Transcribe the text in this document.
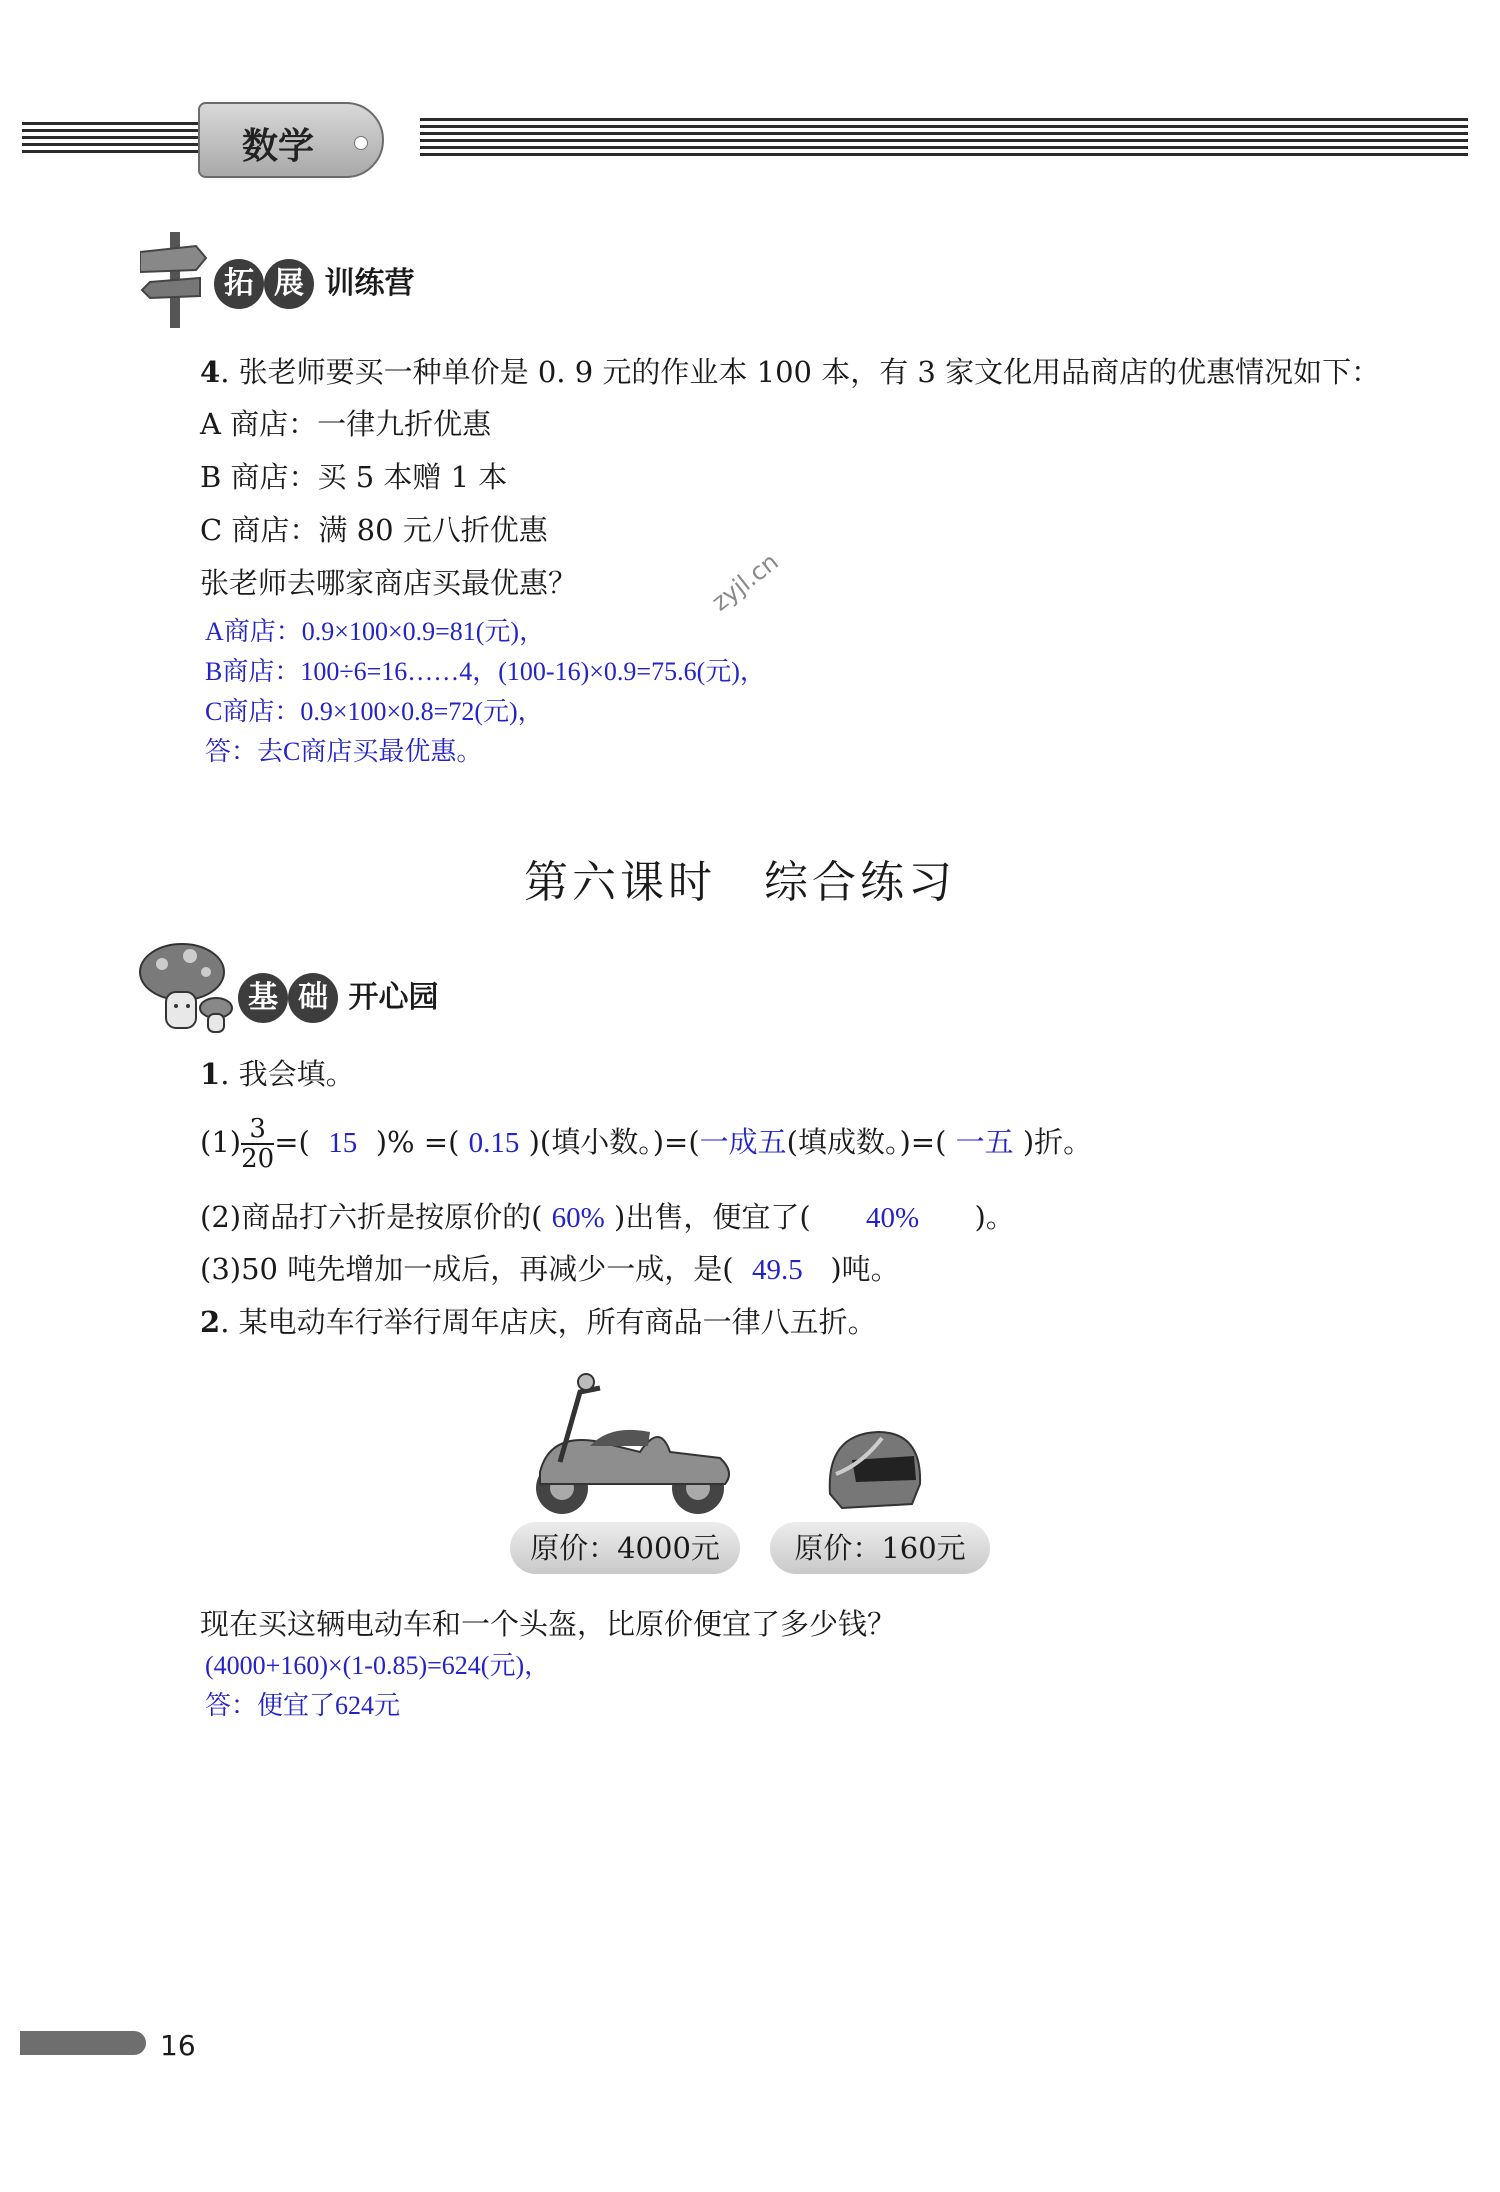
数学
拓 展 训练营
4. 张老师要买一种单价是 0. 9 元的作业本 100 本，有 3 家文化用品商店的优惠情况如下：
A 商店：一律九折优惠
B 商店：买 5 本赠 1 本
C 商店：满 80 元八折优惠
张老师去哪家商店买最优惠？	zyjl.cn
A商店：0.9×100×0.9=81(元)，
B商店：100÷6=16……4，(100-16)×0.9=75.6(元)，
C商店：0.9×100×0.8=72(元)，
答：去C商店买最优惠。
第六课时　综合练习
基 础 开心园
1. 我会填。
$(1) \frac{3}{20}$ =( 15 )% =( 0.15 )(填小数。)=(一成五(填成数。)=( 一五 )折。
(2)商品打六折是按原价的( 60% )出售，便宜了( 40% )。
(3)50 吨先增加一成后，再减少一成，是( 49.5 )吨。
2. 某电动车行举行周年店庆，所有商品一律八五折。
原价：4000元	原价：160元
现在买这辆电动车和一个头盔，比原价便宜了多少钱？
(4000+160)×(1-0.85)=624(元)，
答：便宜了624元
16
